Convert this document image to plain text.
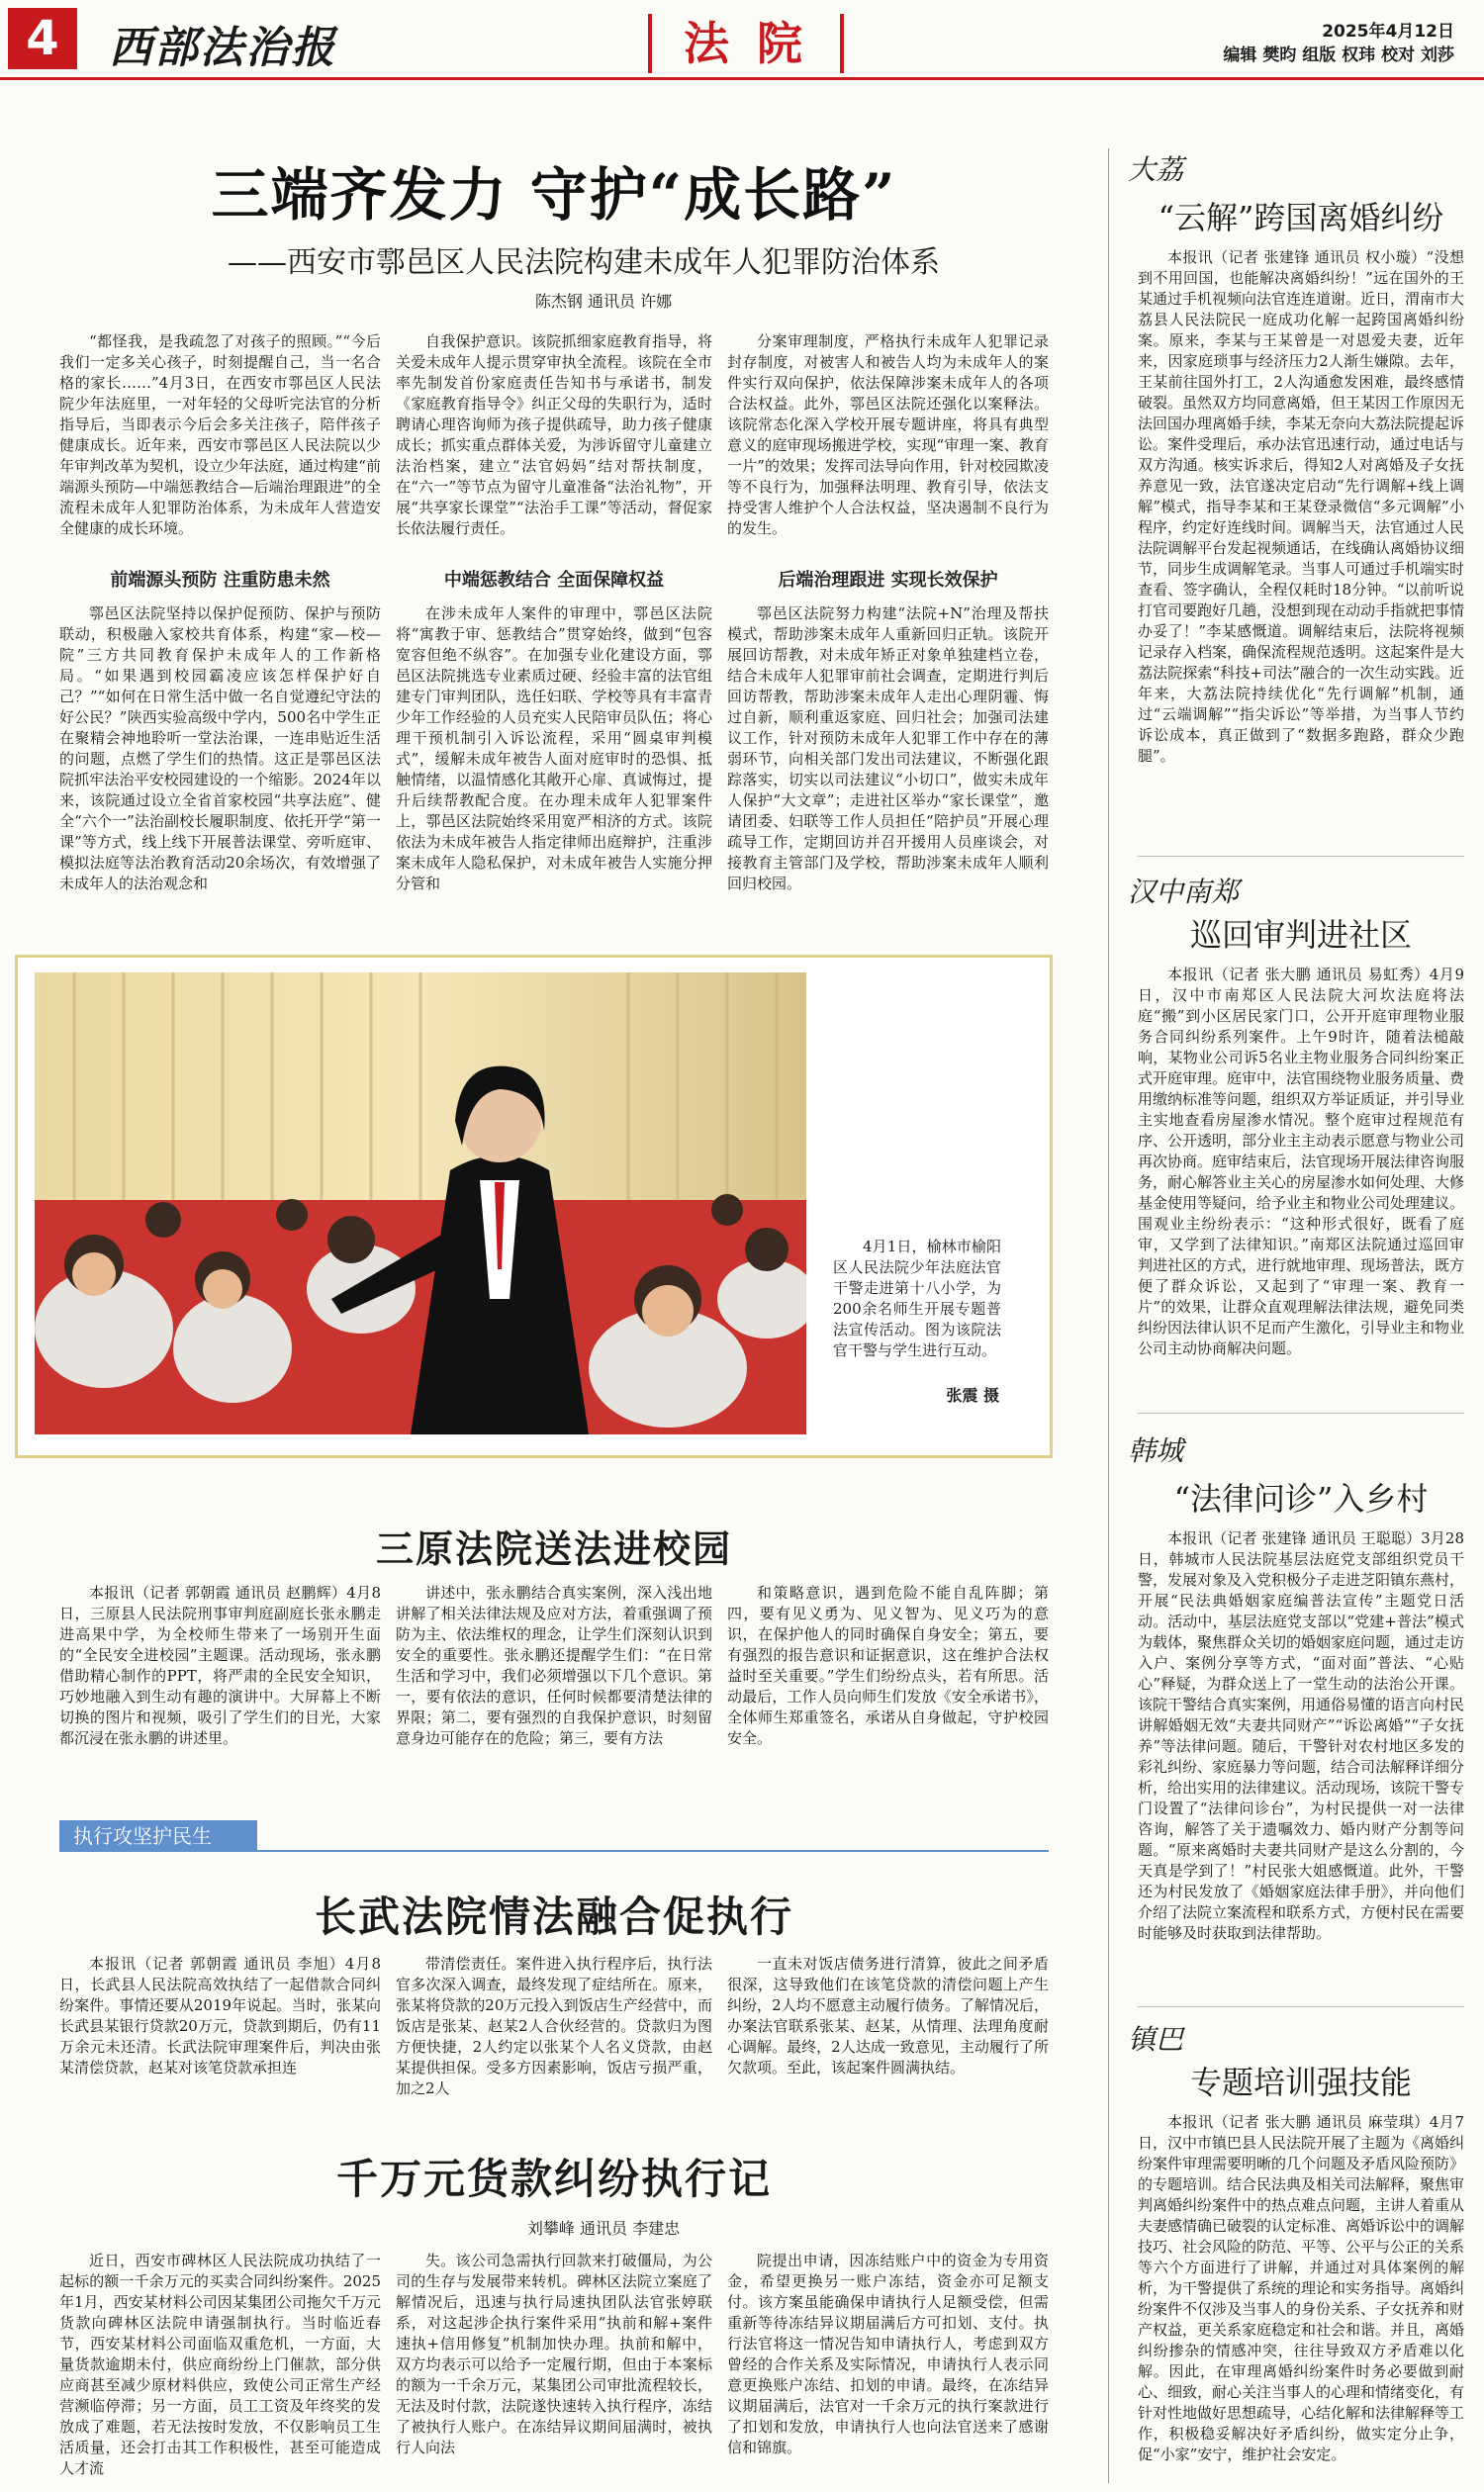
4	西部法治报	法 院	2025年4月12日
编辑 樊昀 组版 权玮 校对 刘莎
三端齐发力 守护“成长路”
——西安市鄠邑区人民法院构建未成年人犯罪防治体系
陈杰钢 通讯员 许娜
“都怪我，是我疏忽了对孩子的照顾。”“今后我们一定多关心孩子，时刻提醒自己，当一名合格的家长……”4月3日，在西安市鄠邑区人民法院少年法庭里，一对年轻的父母听完法官的分析指导后，当即表示今后会多关注孩子，陪伴孩子健康成长。近年来，西安市鄠邑区人民法院以少年审判改革为契机，设立少年法庭，通过构建“前端源头预防—中端惩教结合—后端治理跟进”的全流程未成年人犯罪防治体系，为未成年人营造安全健康的成长环境。
自我保护意识。该院抓细家庭教育指导，将关爱未成年人提示贯穿审执全流程。该院在全市率先制发首份家庭责任告知书与承诺书，制发《家庭教育指导令》纠正父母的失职行为，适时聘请心理咨询师为孩子提供疏导，助力孩子健康成长；抓实重点群体关爱，为涉诉留守儿童建立法治档案，建立“法官妈妈”结对帮扶制度，在“六一”等节点为留守儿童准备“法治礼物”，开展“共享家长课堂”“法治手工课”等活动，督促家长依法履行责任。
分案审理制度，严格执行未成年人犯罪记录封存制度，对被害人和被告人均为未成年人的案件实行双向保护，依法保障涉案未成年人的各项合法权益。此外，鄠邑区法院还强化以案释法。该院常态化深入学校开展专题讲座，将具有典型意义的庭审现场搬进学校，实现“审理一案、教育一片”的效果；发挥司法导向作用，针对校园欺凌等不良行为，加强释法明理、教育引导，依法支持受害人维护个人合法权益，坚决遏制不良行为的发生。
前端源头预防 注重防患未然	中端惩教结合 全面保障权益	后端治理跟进 实现长效保护
鄠邑区法院坚持以保护促预防、保护与预防联动，积极融入家校共育体系，构建“家—校—院”三方共同教育保护未成年人的工作新格局。“如果遇到校园霸凌应该怎样保护好自己？”“如何在日常生活中做一名自觉遵纪守法的好公民？”陕西实验高级中学内，500名中学生正在聚精会神地聆听一堂法治课，一连串贴近生活的问题，点燃了学生们的热情。这正是鄠邑区法院抓牢法治平安校园建设的一个缩影。2024年以来，该院通过设立全省首家校园“共享法庭”、健全“六个一”法治副校长履职制度、依托开学“第一课”等方式，线上线下开展普法课堂、旁听庭审、模拟法庭等法治教育活动20余场次，有效增强了未成年人的法治观念和
在涉未成年人案件的审理中，鄠邑区法院将“寓教于审、惩教结合”贯穿始终，做到“包容宽容但绝不纵容”。在加强专业化建设方面，鄠邑区法院挑选专业素质过硬、经验丰富的法官组建专门审判团队，选任妇联、学校等具有丰富青少年工作经验的人员充实人民陪审员队伍；将心理干预机制引入诉讼流程，采用“圆桌审判模式”，缓解未成年被告人面对庭审时的恐惧、抵触情绪，以温情感化其敞开心扉、真诚悔过，提升后续帮教配合度。在办理未成年人犯罪案件上，鄠邑区法院始终采用宽严相济的方式。该院依法为未成年被告人指定律师出庭辩护，注重涉案未成年人隐私保护，对未成年被告人实施分押分管和
鄠邑区法院努力构建“法院+N”治理及帮扶模式，帮助涉案未成年人重新回归正轨。该院开展回访帮教，对未成年矫正对象单独建档立卷，结合未成年人犯罪审前社会调查，定期进行判后回访帮教，帮助涉案未成年人走出心理阴霾、悔过自新，顺利重返家庭、回归社会；加强司法建议工作，针对预防未成年人犯罪工作中存在的薄弱环节，向相关部门发出司法建议，不断强化跟踪落实，切实以司法建议“小切口”，做实未成年人保护“大文章”；走进社区举办“家长课堂”，邀请团委、妇联等工作人员担任“陪护员”开展心理疏导工作，定期回访并召开援用人员座谈会，对接教育主管部门及学校，帮助涉案未成年人顺利回归校园。
4月1日，榆林市榆阳区人民法院少年法庭法官干警走进第十八小学，为200余名师生开展专题普法宣传活动。图为该院法官干警与学生进行互动。
张震 摄
三原法院送法进校园
本报讯（记者 郭朝霞 通讯员 赵鹏辉）4月8日，三原县人民法院刑事审判庭副庭长张永鹏走进高果中学，为全校师生带来了一场别开生面的“全民安全进校园”主题课。活动现场，张永鹏借助精心制作的PPT，将严肃的全民安全知识，巧妙地融入到生动有趣的演讲中。大屏幕上不断切换的图片和视频，吸引了学生们的目光，大家都沉浸在张永鹏的讲述里。
讲述中，张永鹏结合真实案例，深入浅出地讲解了相关法律法规及应对方法，着重强调了预防为主、依法维权的理念，让学生们深刻认识到安全的重要性。张永鹏还提醒学生们：“在日常生活和学习中，我们必须增强以下几个意识。第一，要有依法的意识，任何时候都要清楚法律的界限；第二，要有强烈的自我保护意识，时刻留意身边可能存在的危险；第三，要有方法
和策略意识，遇到危险不能自乱阵脚；第四，要有见义勇为、见义智为、见义巧为的意识，在保护他人的同时确保自身安全；第五，要有强烈的报告意识和证据意识，这在维护合法权益时至关重要。”学生们纷纷点头，若有所思。活动最后，工作人员向师生们发放《安全承诺书》，全体师生郑重签名，承诺从自身做起，守护校园安全。
执行攻坚护民生
长武法院情法融合促执行
本报讯（记者 郭朝霞 通讯员 李旭）4月8日，长武县人民法院高效执结了一起借款合同纠纷案件。事情还要从2019年说起。当时，张某向长武县某银行贷款20万元，贷款到期后，仍有11万余元未还清。长武法院审理案件后，判决由张某清偿贷款，赵某对该笔贷款承担连
带清偿责任。案件进入执行程序后，执行法官多次深入调查，最终发现了症结所在。原来，张某将贷款的20万元投入到饭店生产经营中，而饭店是张某、赵某2人合伙经营的。贷款归为图方便快捷，2人约定以张某个人名义贷款，由赵某提供担保。受多方因素影响，饭店亏损严重，加之2人
一直未对饭店债务进行清算，彼此之间矛盾很深，这导致他们在该笔贷款的清偿问题上产生纠纷，2人均不愿意主动履行债务。了解情况后，办案法官联系张某、赵某，从情理、法理角度耐心调解。最终，2人达成一致意见，主动履行了所欠款项。至此，该起案件圆满执结。
千万元货款纠纷执行记
刘攀峰 通讯员 李建忠
近日，西安市碑林区人民法院成功执结了一起标的额一千余万元的买卖合同纠纷案件。2025年1月，西安某材料公司因某集团公司拖欠千万元货款向碑林区法院申请强制执行。当时临近春节，西安某材料公司面临双重危机，一方面，大量货款逾期未付，供应商纷纷上门催款，部分供应商甚至减少原材料供应，致使公司正常生产经营濒临停滞；另一方面，员工工资及年终奖的发放成了难题，若无法按时发放，不仅影响员工生活质量，还会打击其工作积极性，甚至可能造成人才流
失。该公司急需执行回款来打破僵局，为公司的生存与发展带来转机。碑林区法院立案庭了解情况后，迅速与执行局速执团队法官张婷联系，对这起涉企执行案件采用“执前和解+案件速执+信用修复”机制加快办理。执前和解中，双方均表示可以给予一定履行期，但由于本案标的额为一千余万元，某集团公司审批流程较长，无法及时付款，法院遂快速转入执行程序，冻结了被执行人账户。在冻结异议期间届满时，被执行人向法
院提出申请，因冻结账户中的资金为专用资金，希望更换另一账户冻结，资金亦可足额支付。该方案虽能确保申请执行人足额受偿，但需重新等待冻结异议期届满后方可扣划、支付。执行法官将这一情况告知申请执行人，考虑到双方曾经的合作关系及实际情况，申请执行人表示同意更换账户冻结、扣划的申请。最终，在冻结异议期届满后，法官对一千余万元的执行案款进行了扣划和发放，申请执行人也向法官送来了感谢信和锦旗。
大荔
“云解”跨国离婚纠纷
本报讯（记者 张建锋 通讯员 权小璇）“没想到不用回国，也能解决离婚纠纷！”远在国外的王某通过手机视频向法官连连道谢。近日，渭南市大荔县人民法院民一庭成功化解一起跨国离婚纠纷案。原来，李某与王某曾是一对恩爱夫妻，近年来，因家庭琐事与经济压力2人渐生嫌隙。去年，王某前往国外打工，2人沟通愈发困难，最终感情破裂。虽然双方均同意离婚，但王某因工作原因无法回国办理离婚手续，李某无奈向大荔法院提起诉讼。案件受理后，承办法官迅速行动，通过电话与双方沟通。核实诉求后，得知2人对离婚及子女抚养意见一致，法官遂决定启动“先行调解+线上调解”模式，指导李某和王某登录微信“多元调解”小程序，约定好连线时间。调解当天，法官通过人民法院调解平台发起视频通话，在线确认离婚协议细节，同步生成调解笔录。当事人可通过手机端实时查看、签字确认，全程仅耗时18分钟。“以前听说打官司要跑好几趟，没想到现在动动手指就把事情办妥了！”李某感慨道。调解结束后，法院将视频记录存入档案，确保流程规范透明。这起案件是大荔法院探索“科技+司法”融合的一次生动实践。近年来，大荔法院持续优化“先行调解”机制，通过“云端调解”“指尖诉讼”等举措，为当事人节约诉讼成本，真正做到了“数据多跑路，群众少跑腿”。
汉中南郑
巡回审判进社区
本报讯（记者 张大鹏 通讯员 易虹秀）4月9日，汉中市南郑区人民法院大河坎法庭将法庭“搬”到小区居民家门口，公开开庭审理物业服务合同纠纷系列案件。上午9时许，随着法槌敲响，某物业公司诉5名业主物业服务合同纠纷案正式开庭审理。庭审中，法官围绕物业服务质量、费用缴纳标准等问题，组织双方举证质证，并引导业主实地查看房屋渗水情况。整个庭审过程规范有序、公开透明，部分业主主动表示愿意与物业公司再次协商。庭审结束后，法官现场开展法律咨询服务，耐心解答业主关心的房屋渗水如何处理、大修基金使用等疑问，给予业主和物业公司处理建议。围观业主纷纷表示：“这种形式很好，既看了庭审，又学到了法律知识。”南郑区法院通过巡回审判进社区的方式，进行就地审理、现场普法，既方便了群众诉讼，又起到了“审理一案、教育一片”的效果，让群众直观理解法律法规，避免同类纠纷因法律认识不足而产生激化，引导业主和物业公司主动协商解决问题。
韩城
“法律问诊”入乡村
本报讯（记者 张建锋 通讯员 王聪聪）3月28日，韩城市人民法院基层法庭党支部组织党员干警，发展对象及入党积极分子走进芝阳镇东燕村，开展“民法典婚姻家庭编普法宣传”主题党日活动。活动中，基层法庭党支部以“党建+普法”模式为载体，聚焦群众关切的婚姻家庭问题，通过走访入户、案例分享等方式，“面对面”普法、“心贴心”释疑，为群众送上了一堂生动的法治公开课。该院干警结合真实案例，用通俗易懂的语言向村民讲解婚姻无效“夫妻共同财产”“诉讼离婚”“子女抚养”等法律问题。随后，干警针对农村地区多发的彩礼纠纷、家庭暴力等问题，结合司法解释详细分析，给出实用的法律建议。活动现场，该院干警专门设置了“法律问诊台”，为村民提供一对一法律咨询，解答了关于遗嘱效力、婚内财产分割等问题。“原来离婚时夫妻共同财产是这么分割的，今天真是学到了！”村民张大姐感慨道。此外，干警还为村民发放了《婚姻家庭法律手册》，并向他们介绍了法院立案流程和联系方式，方便村民在需要时能够及时获取到法律帮助。
镇巴
专题培训强技能
本报讯（记者 张大鹏 通讯员 麻莹琪）4月7日，汉中市镇巴县人民法院开展了主题为《离婚纠纷案件审理需要明晰的几个问题及矛盾风险预防》的专题培训。结合民法典及相关司法解释，聚焦审判离婚纠纷案件中的热点难点问题，主讲人着重从夫妻感情确已破裂的认定标准、离婚诉讼中的调解技巧、社会风险的防范、平等、公平与公正的关系等六个方面进行了讲解，并通过对具体案例的解析，为干警提供了系统的理论和实务指导。离婚纠纷案件不仅涉及当事人的身份关系、子女抚养和财产权益，更关系家庭稳定和社会和谐。并且，离婚纠纷掺杂的情感冲突，往往导致双方矛盾难以化解。因此，在审理离婚纠纷案件时务必要做到耐心、细致，耐心关注当事人的心理和情绪变化，有针对性地做好思想疏导，心结化解和法律解释等工作，积极稳妥解决好矛盾纠纷，做实定分止争，促“小家”安宁，维护社会安定。
